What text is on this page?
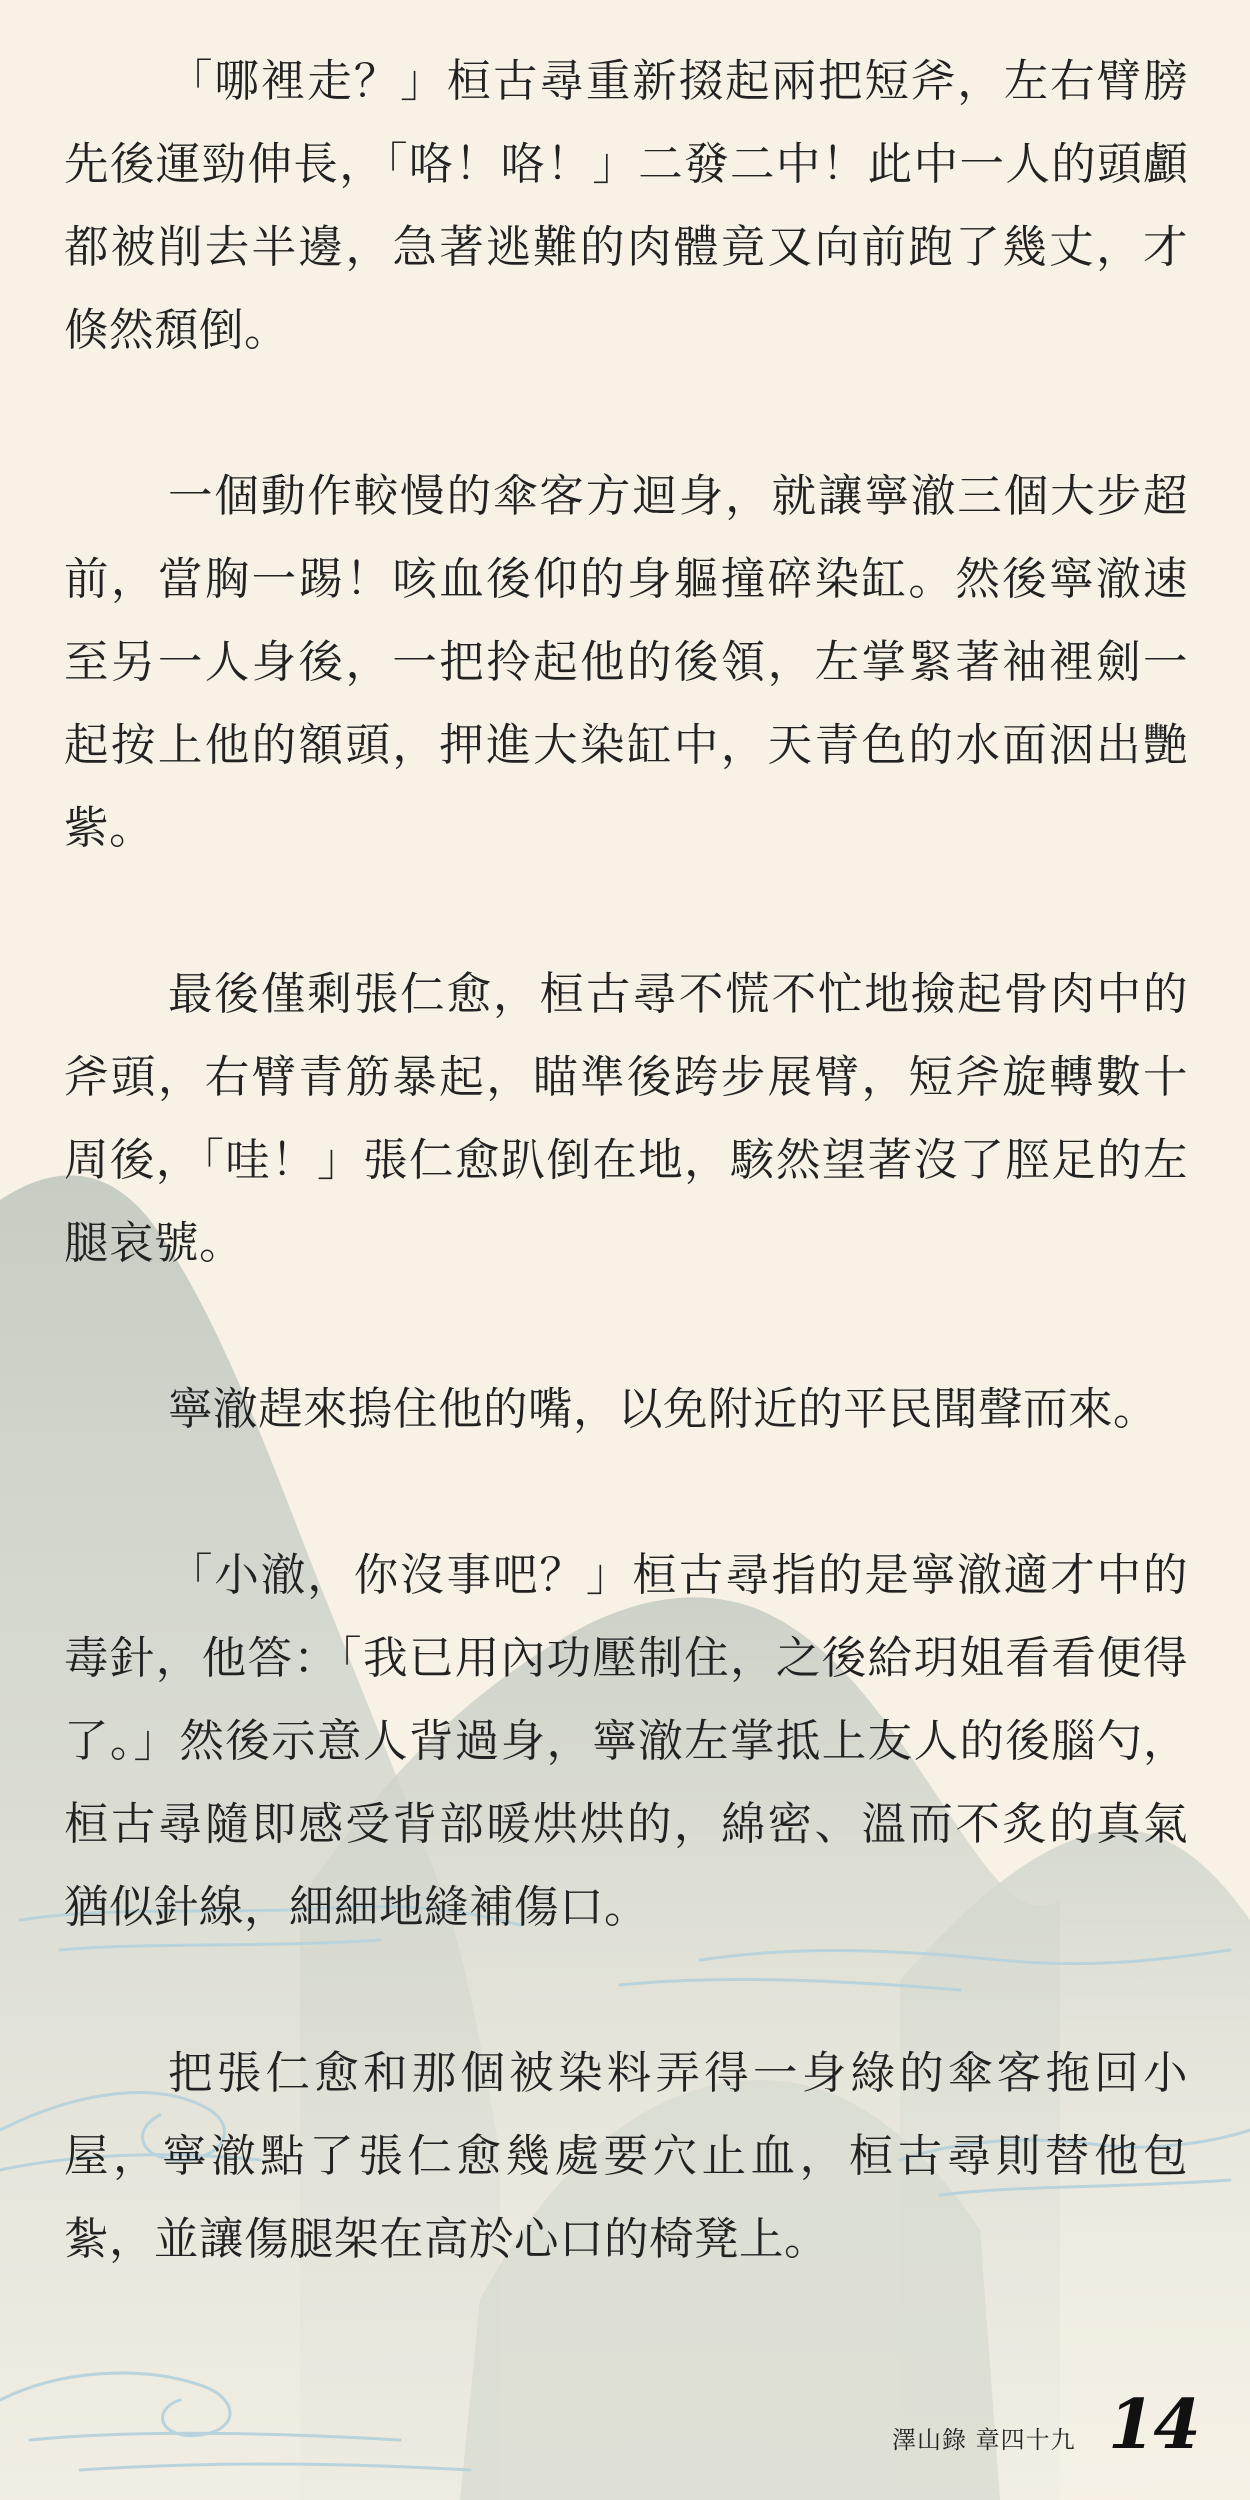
「哪裡走？」桓古尋重新掇起兩把短斧，左右臂膀先後運勁伸長，「咯！咯！」二發二中！此中一人的頭顱都被削去半邊，急著逃難的肉體竟又向前跑了幾丈，才倏然頹倒。

一個動作較慢的傘客方迴身，就讓寧澈三個大步超前，當胸一踢！咳血後仰的身軀撞碎染缸。然後寧澈速至另一人身後，一把拎起他的後領，左掌緊著袖裡劍一起按上他的額頭，押進大染缸中，天青色的水面洇出艷紫。

最後僅剩張仁愈，桓古尋不慌不忙地撿起骨肉中的斧頭，右臂青筋暴起，瞄準後跨步展臂，短斧旋轉數十周後，「哇！」張仁愈趴倒在地，駭然望著沒了脛足的左腿哀號。

寧澈趕來摀住他的嘴，以免附近的平民聞聲而來。

「小澈，你沒事吧？」桓古尋指的是寧澈適才中的毒針，他答：「我已用內功壓制住，之後給玥姐看看便得了。」然後示意人背過身，寧澈左掌抵上友人的後腦勺，桓古尋隨即感受背部暖烘烘的，綿密、溫而不炙的真氣猶似針線，細細地縫補傷口。

把張仁愈和那個被染料弄得一身綠的傘客拖回小屋，寧澈點了張仁愈幾處要穴止血，桓古尋則替他包紮，並讓傷腿架在高於心口的椅凳上。

澤山錄 章四十九 14
